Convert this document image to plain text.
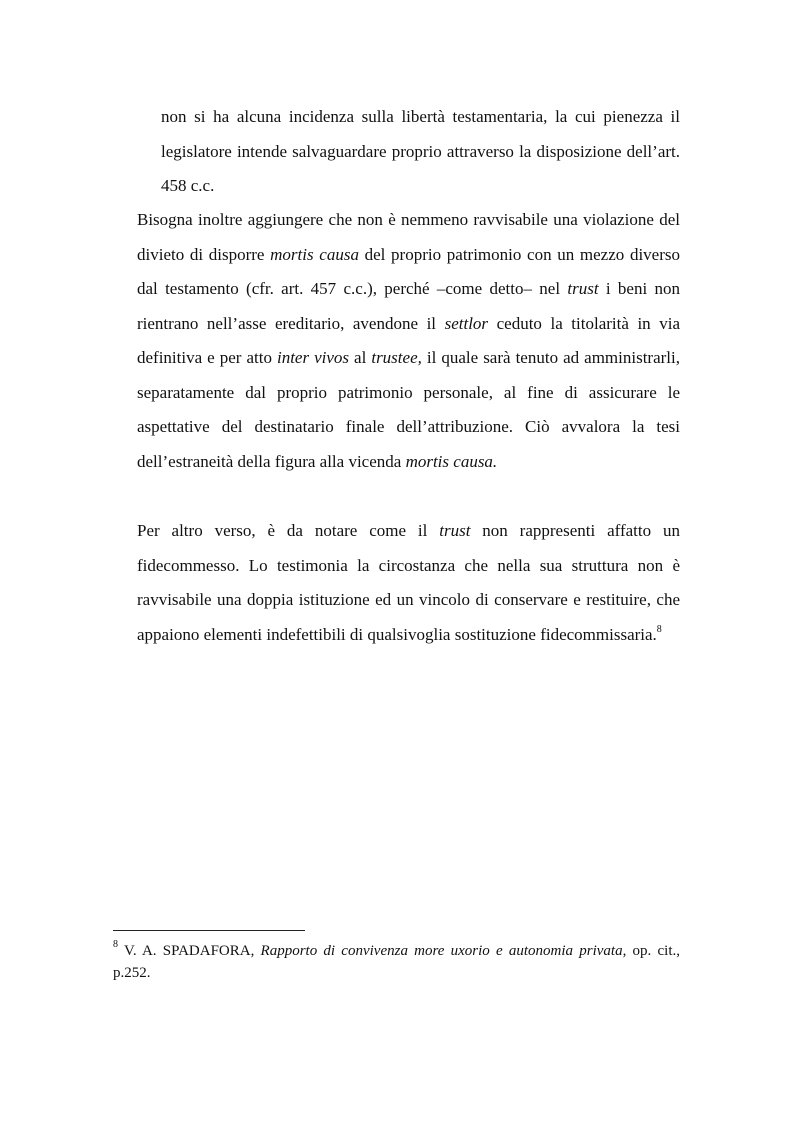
non si ha alcuna incidenza sulla libertà testamentaria, la cui pienezza il legislatore intende salvaguardare proprio attraverso la disposizione dell’art. 458 c.c.
Bisogna inoltre aggiungere che non è nemmeno ravvisabile una violazione del divieto di disporre mortis causa del proprio patrimonio con un mezzo diverso dal testamento (cfr. art. 457 c.c.), perché –come detto– nel trust i beni non rientrano nell’asse ereditario, avendone il settlor ceduto la titolarità in via definitiva e per atto inter vivos al trustee, il quale sarà tenuto ad amministrarli, separatamente dal proprio patrimonio personale, al fine di assicurare le aspettative del destinatario finale dell’attribuzione. Ciò avvalora la tesi dell’estraneità della figura alla vicenda mortis causa.
Per altro verso, è da notare come il trust non rappresenti affatto un fidecommesso. Lo testimonia la circostanza che nella sua struttura non è ravvisabile una doppia istituzione ed un vincolo di conservare e restituire, che appaiono elementi indefettibili di qualsivoglia sostituzione fidecommissaria.$^8$
$^8$ V. A. SPADAFORA, Rapporto di convivenza more uxorio e autonomia privata, op. cit., p.252.
